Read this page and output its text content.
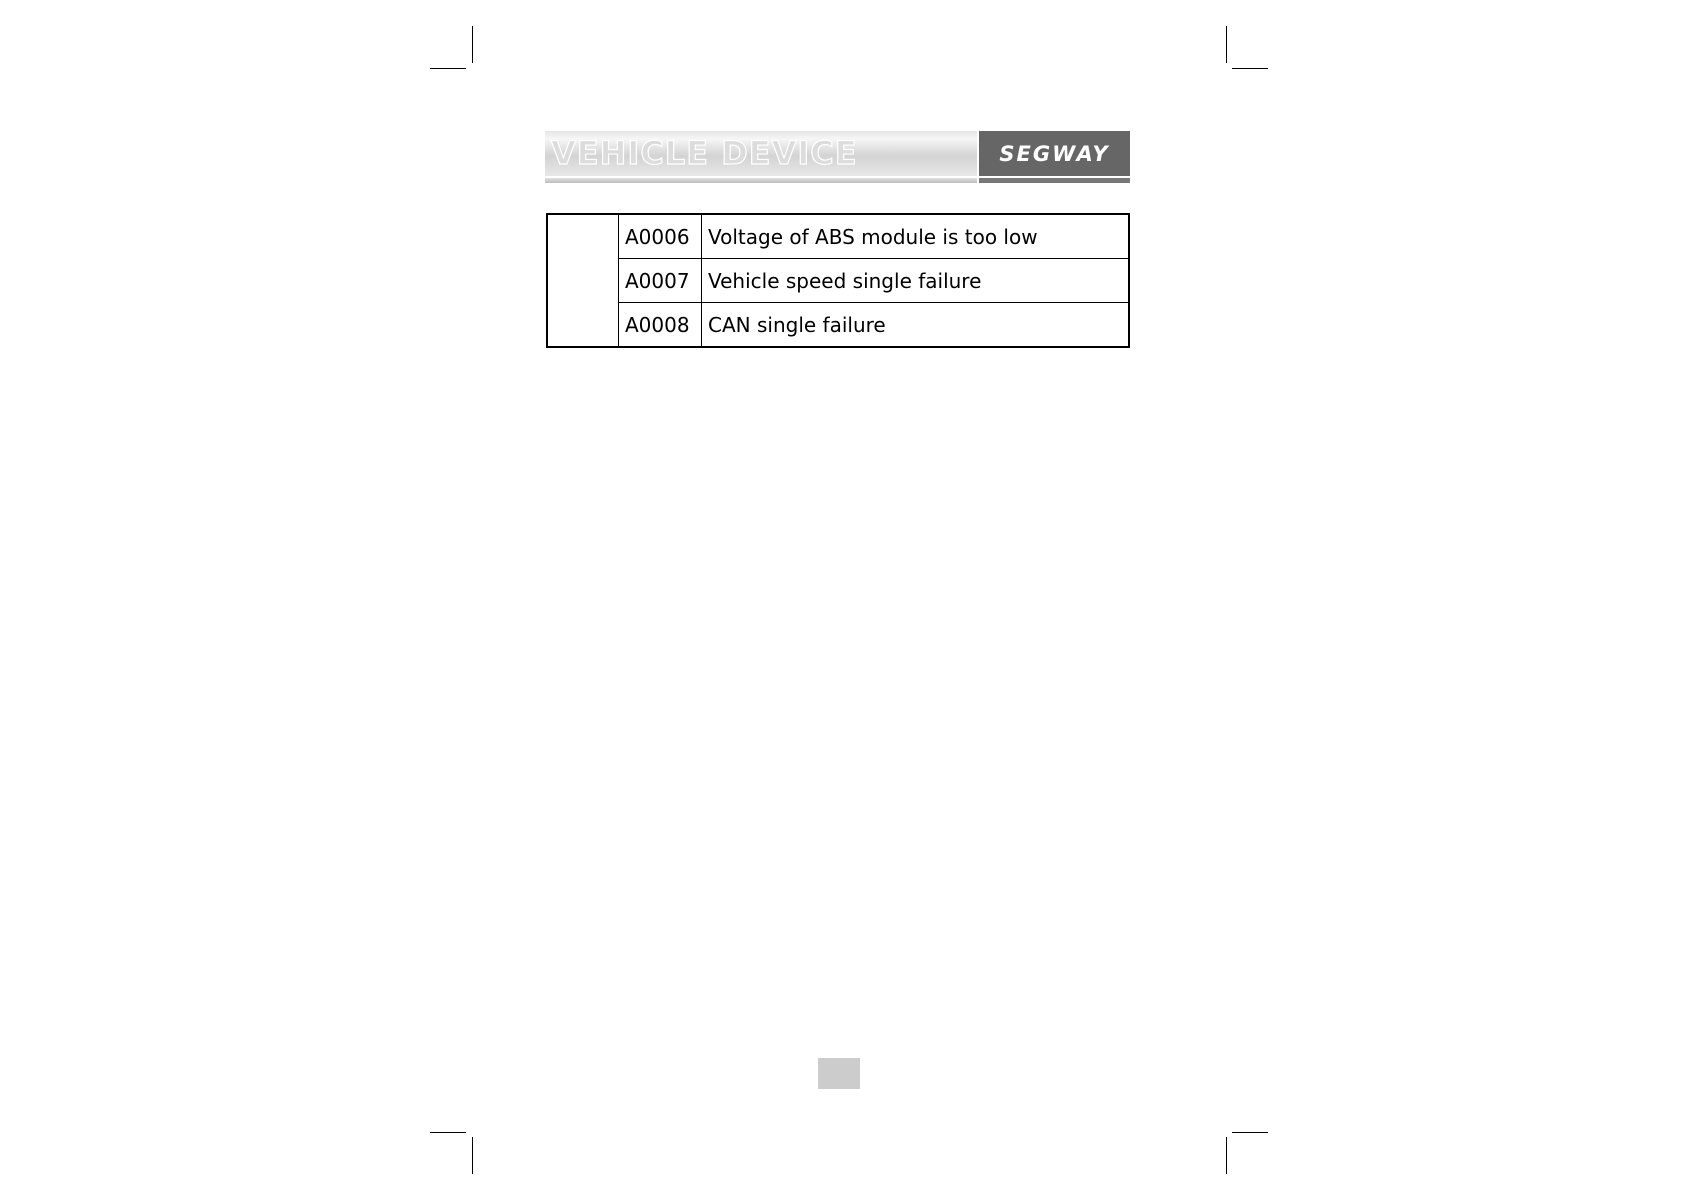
VEHICLE DEVICE	SEGWAY
	A0006	Voltage of ABS module is too low
	A0007	Vehicle speed single failure
	A0008	CAN single failure
